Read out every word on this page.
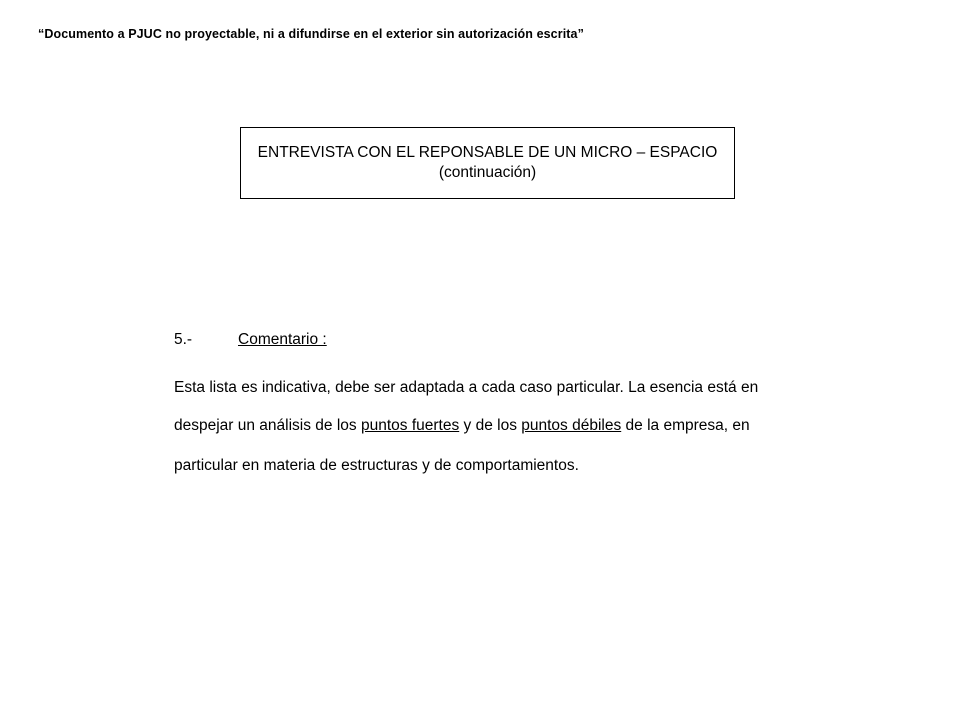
“Documento a PJUC no proyectable, ni a difundirse en el exterior sin autorización escrita”
ENTREVISTA CON EL REPONSABLE DE UN MICRO – ESPACIO
(continuación)
5.-	Comentario :
Esta lista es indicativa, debe ser adaptada a cada caso particular. La esencia está en
despejar un análisis de los puntos fuertes y de los puntos débiles de la empresa, en
particular en materia de estructuras y de comportamientos.
